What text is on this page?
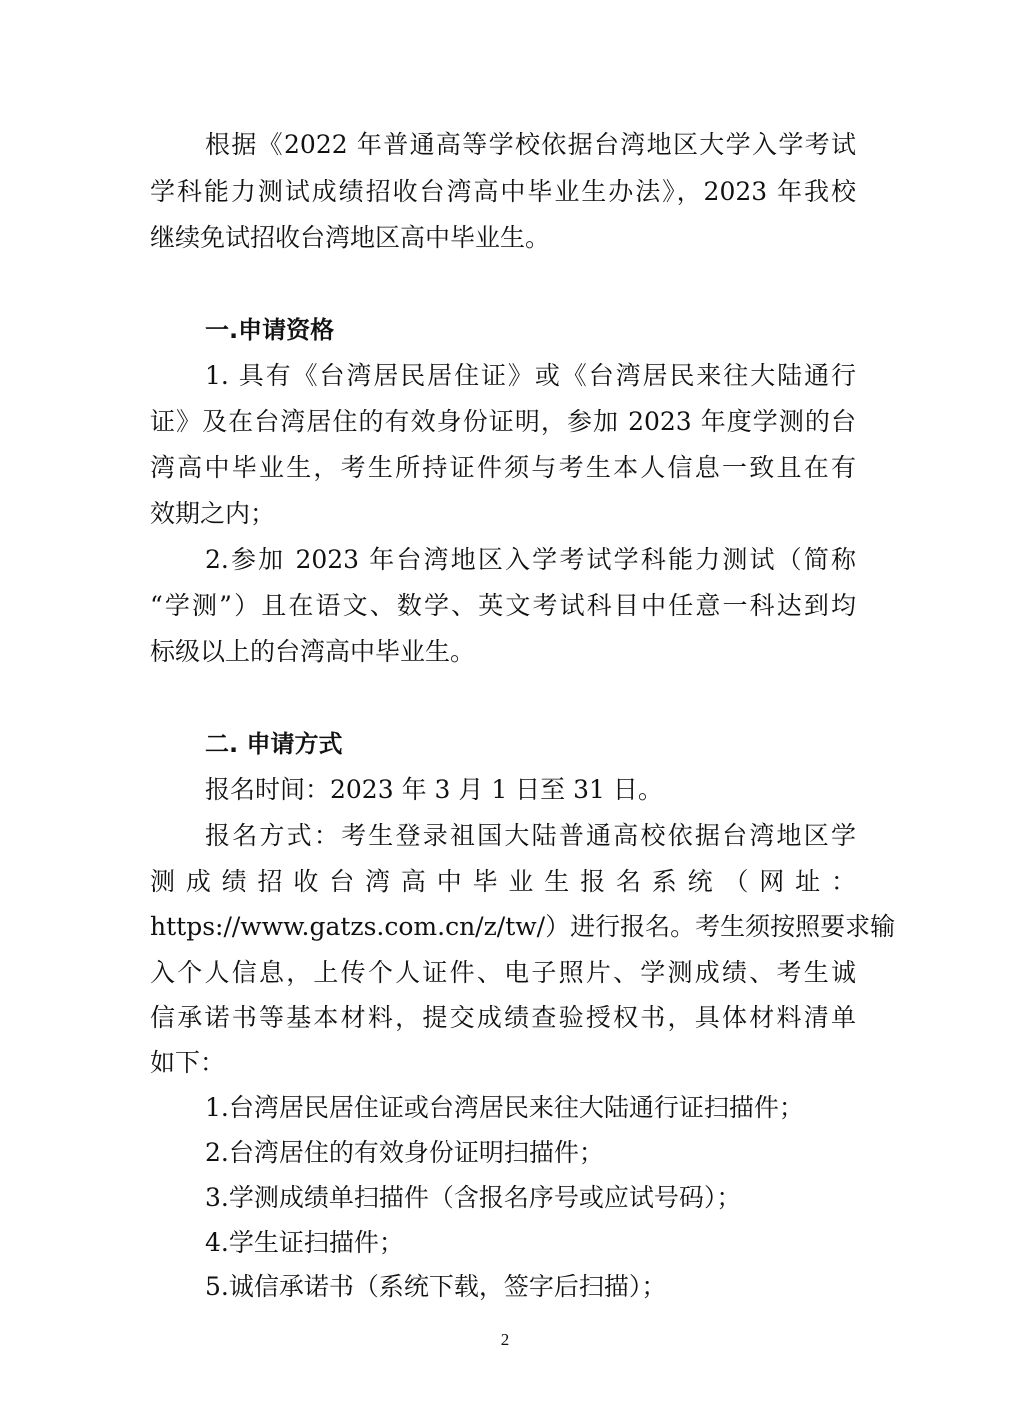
根据《2022 年普通高等学校依据台湾地区大学入学考试
学科能力测试成绩招收台湾高中毕业生办法》，2023 年我校
继续免试招收台湾地区高中毕业生。
一.申请资格
1. 具有《台湾居民居住证》或《台湾居民来往大陆通行
证》及在台湾居住的有效身份证明，参加 2023 年度学测的台
湾高中毕业生，考生所持证件须与考生本人信息一致且在有
效期之内；
2.参加 2023 年台湾地区入学考试学科能力测试（简称
“学测”）且在语文、数学、英文考试科目中任意一科达到均
标级以上的台湾高中毕业生。
二. 申请方式
报名时间：2023 年 3 月 1 日至 31 日。
报名方式：考生登录祖国大陆普通高校依据台湾地区学
测成绩招收台湾高中毕业生报名系统（网址：
https://www.gatzs.com.cn/z/tw/）进行报名。考生须按照要求输
入个人信息，上传个人证件、电子照片、学测成绩、考生诚
信承诺书等基本材料，提交成绩查验授权书，具体材料清单
如下：
1.台湾居民居住证或台湾居民来往大陆通行证扫描件；
2.台湾居住的有效身份证明扫描件；
3.学测成绩单扫描件（含报名序号或应试号码）；
4.学生证扫描件；
5.诚信承诺书（系统下载，签字后扫描）；
2
